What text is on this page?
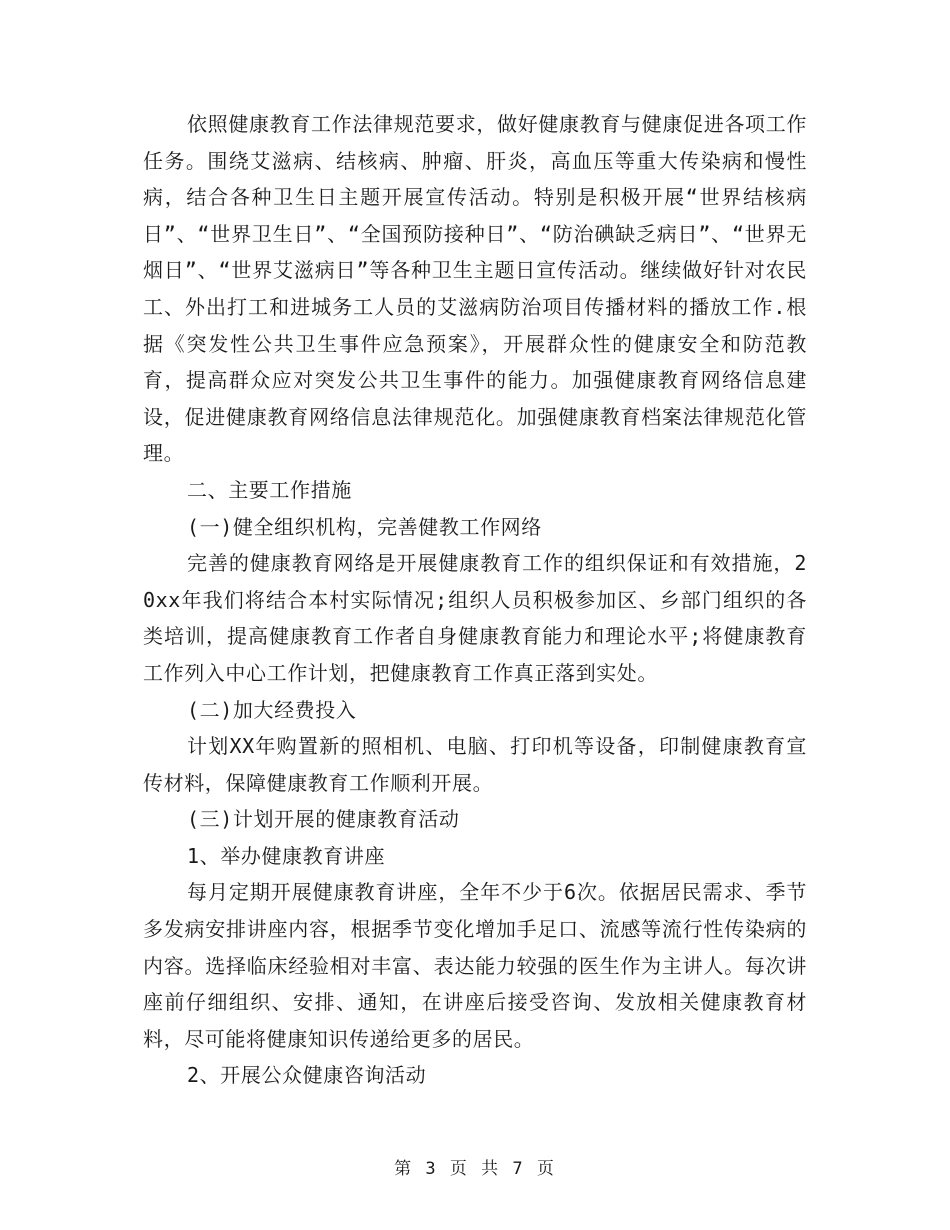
依照健康教育工作法律规范要求，做好健康教育与健康促进各项工作任务。围绕艾滋病、结核病、肿瘤、肝炎，高血压等重大传染病和慢性病，结合各种卫生日主题开展宣传活动。特别是积极开展“世界结核病日”、“世界卫生日”、“全国预防接种日”、“防治碘缺乏病日”、“世界无烟日”、“世界艾滋病日”等各种卫生主题日宣传活动。继续做好针对农民工、外出打工和进城务工人员的艾滋病防治项目传播材料的播放工作.根据《突发性公共卫生事件应急预案》，开展群众性的健康安全和防范教育，提高群众应对突发公共卫生事件的能力。加强健康教育网络信息建设，促进健康教育网络信息法律规范化。加强健康教育档案法律规范化管理。

二、主要工作措施

(一)健全组织机构，完善健教工作网络

完善的健康教育网络是开展健康教育工作的组织保证和有效措施，20xx年我们将结合本村实际情况;组织人员积极参加区、乡部门组织的各类培训，提高健康教育工作者自身健康教育能力和理论水平;将健康教育工作列入中心工作计划，把健康教育工作真正落到实处。

(二)加大经费投入

计划XX年购置新的照相机、电脑、打印机等设备，印制健康教育宣传材料，保障健康教育工作顺利开展。

(三)计划开展的健康教育活动

1、举办健康教育讲座

每月定期开展健康教育讲座，全年不少于6次。依据居民需求、季节多发病安排讲座内容，根据季节变化增加手足口、流感等流行性传染病的内容。选择临床经验相对丰富、表达能力较强的医生作为主讲人。每次讲座前仔细组织、安排、通知，在讲座后接受咨询、发放相关健康教育材料，尽可能将健康知识传递给更多的居民。

2、开展公众健康咨询活动

第 3 页 共 7 页
